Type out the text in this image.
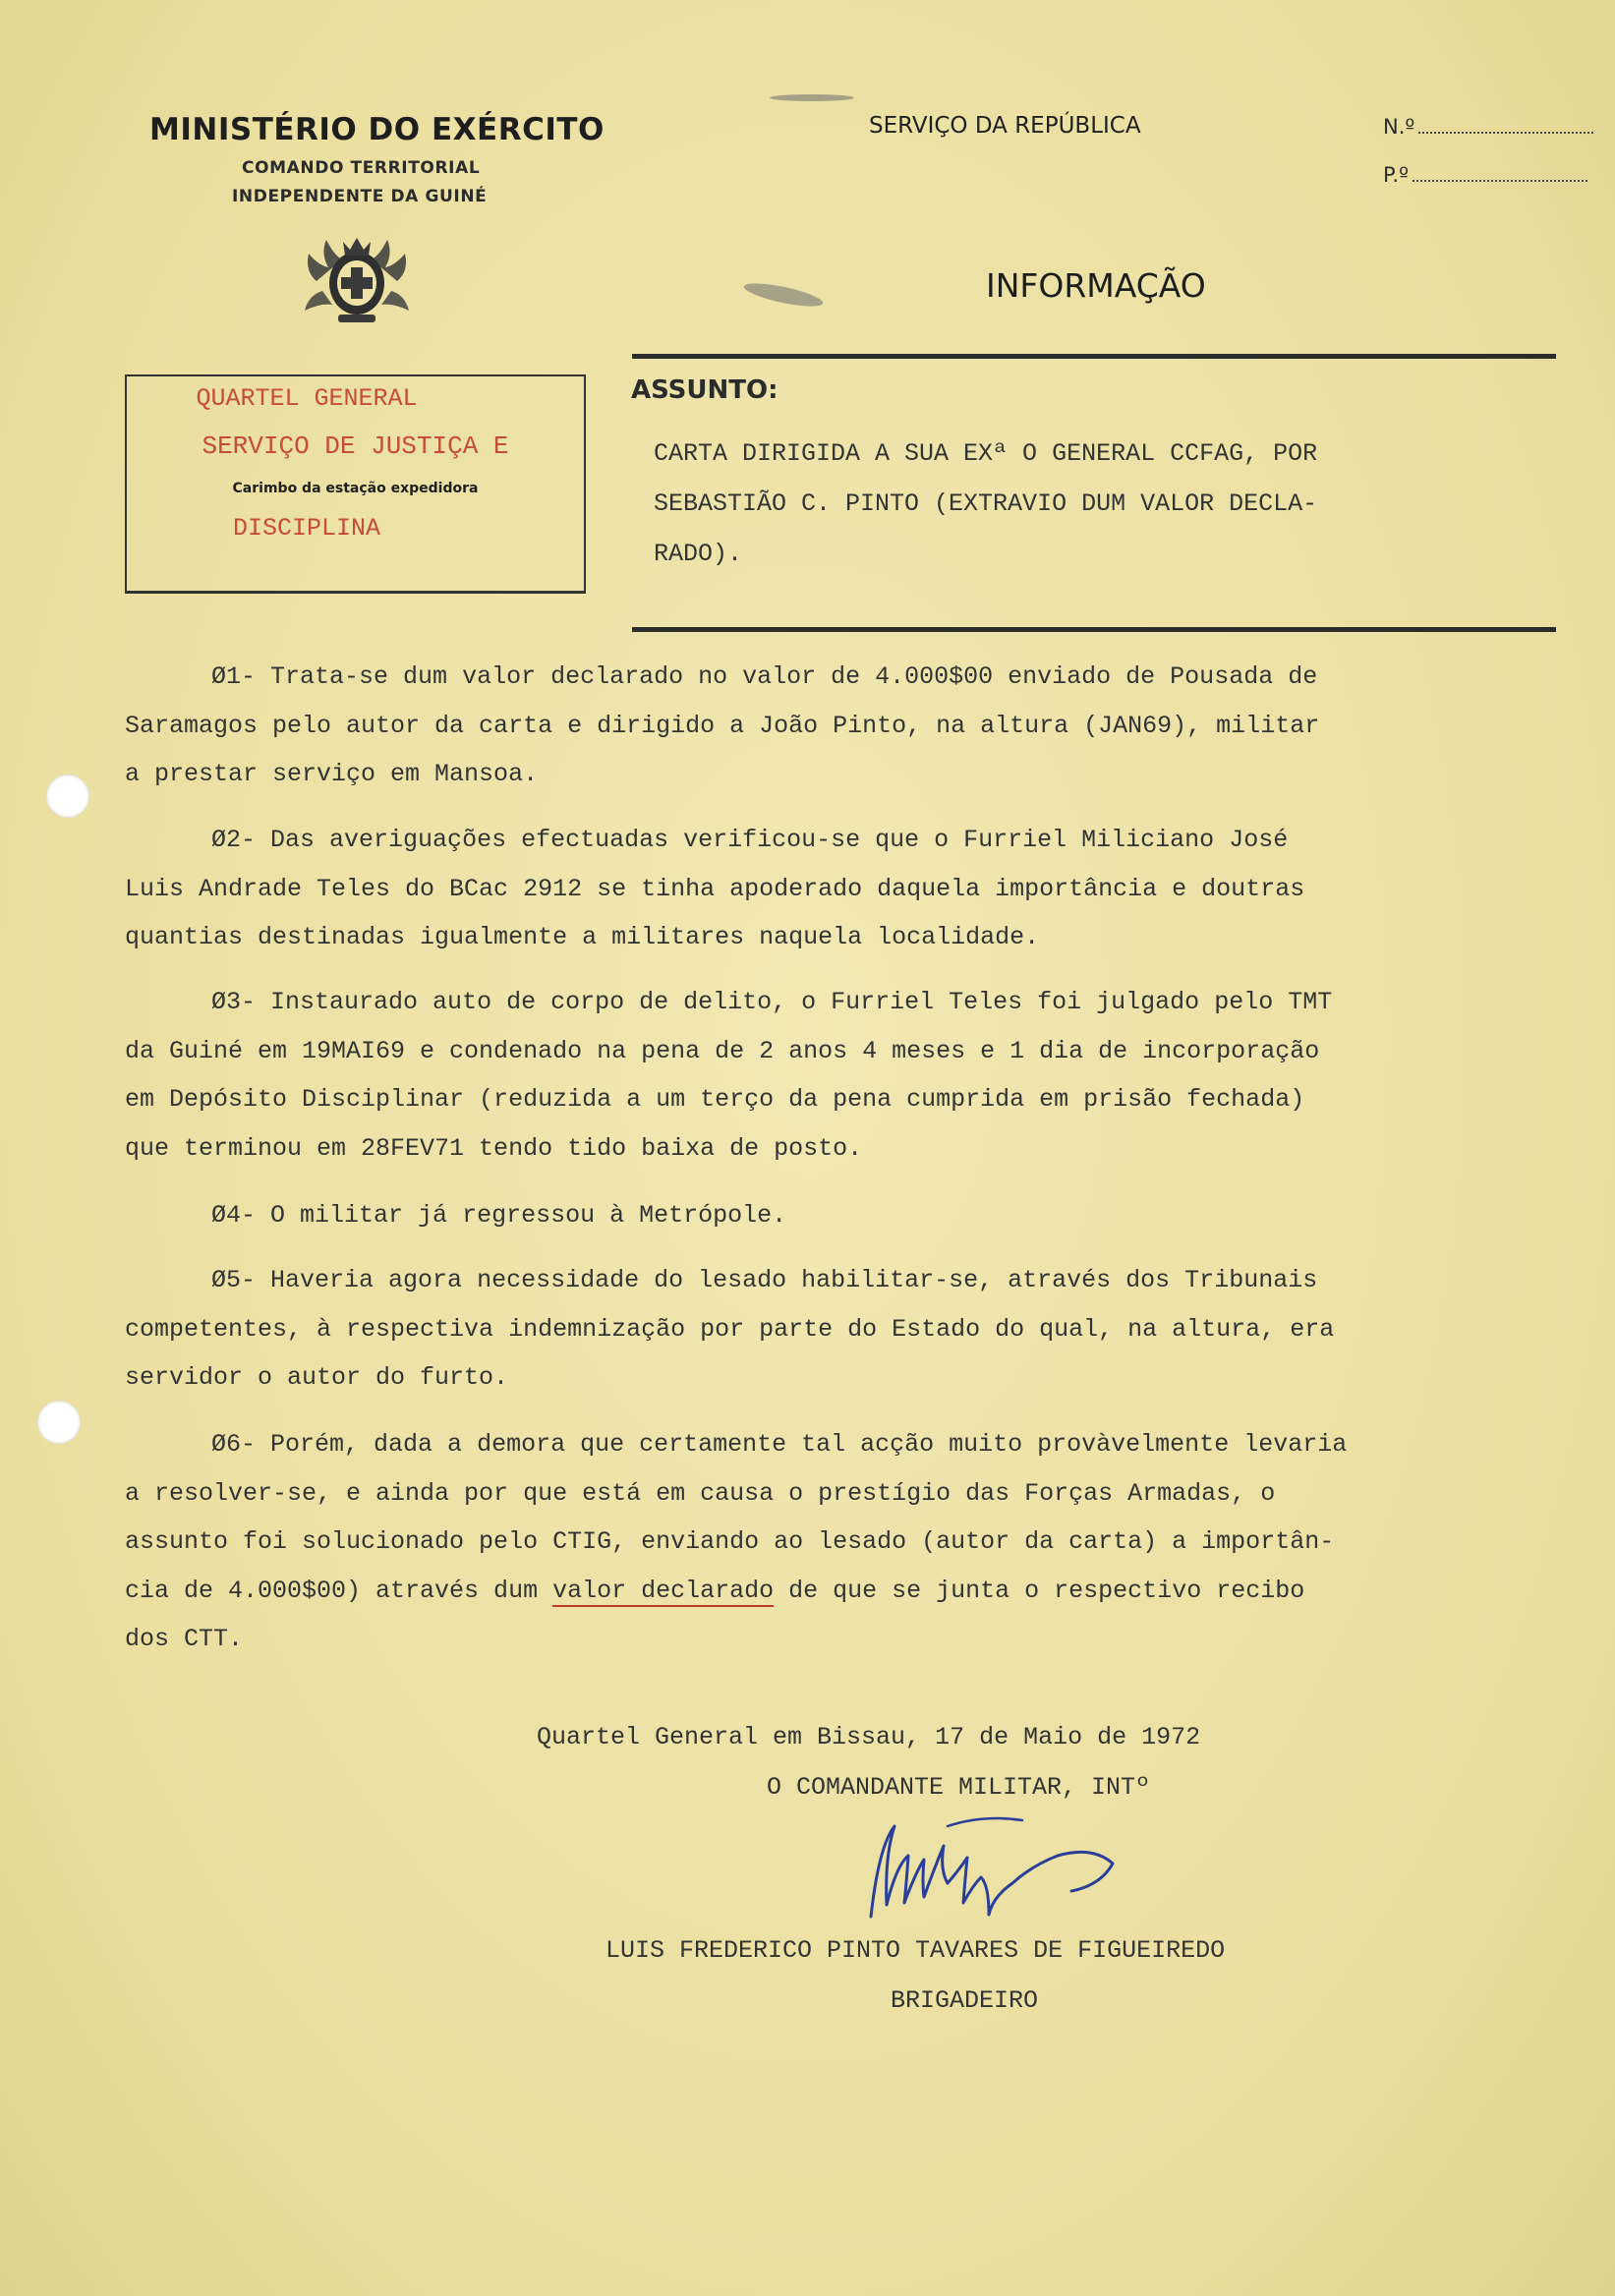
MINISTÉRIO DO EXÉRCITO
COMANDO TERRITORIAL
INDEPENDENTE DA GUINÉ
SERVIÇO DA REPÚBLICA	N.º
P.º
INFORMAÇÃO
QUARTEL GENERAL
SERVIÇO DE JUSTIÇA E
Carimbo da estação expedidora
DISCIPLINA
ASSUNTO:
CARTA DIRIGIDA A SUA EXª O GENERAL CCFAG, POR
SEBASTIÃO C. PINTO (EXTRAVIO DUM VALOR DECLA-
RADO).
Ø1- Trata-se dum valor declarado no valor de 4.000$00 enviado de Pousada de
Saramagos pelo autor da carta e dirigido a João Pinto, na altura (JAN69), militar
a prestar serviço em Mansoa.
Ø2- Das averiguações efectuadas verificou-se que o Furriel Miliciano José
Luis Andrade Teles do BCac 2912 se tinha apoderado daquela importância e doutras
quantias destinadas igualmente a militares naquela localidade.
Ø3- Instaurado auto de corpo de delito, o Furriel Teles foi julgado pelo TMT
da Guiné em 19MAI69 e condenado na pena de 2 anos 4 meses e 1 dia de incorporação
em Depósito Disciplinar (reduzida a um terço da pena cumprida em prisão fechada)
que terminou em 28FEV71 tendo tido baixa de posto.
Ø4- O militar já regressou à Metrópole.
Ø5- Haveria agora necessidade do lesado habilitar-se, através dos Tribunais
competentes, à respectiva indemnização por parte do Estado do qual, na altura, era
servidor o autor do furto.
Ø6- Porém, dada a demora que certamente tal acção muito provàvelmente levaria
a resolver-se, e ainda por que está em causa o prestígio das Forças Armadas, o
assunto foi solucionado pelo CTIG, enviando ao lesado (autor da carta) a importân-
cia de 4.000$00) através dum valor declarado de que se junta o respectivo recibo
dos CTT.
Quartel General em Bissau, 17 de Maio de 1972
O COMANDANTE MILITAR, INTº
LUIS FREDERICO PINTO TAVARES DE FIGUEIREDO
BRIGADEIRO
